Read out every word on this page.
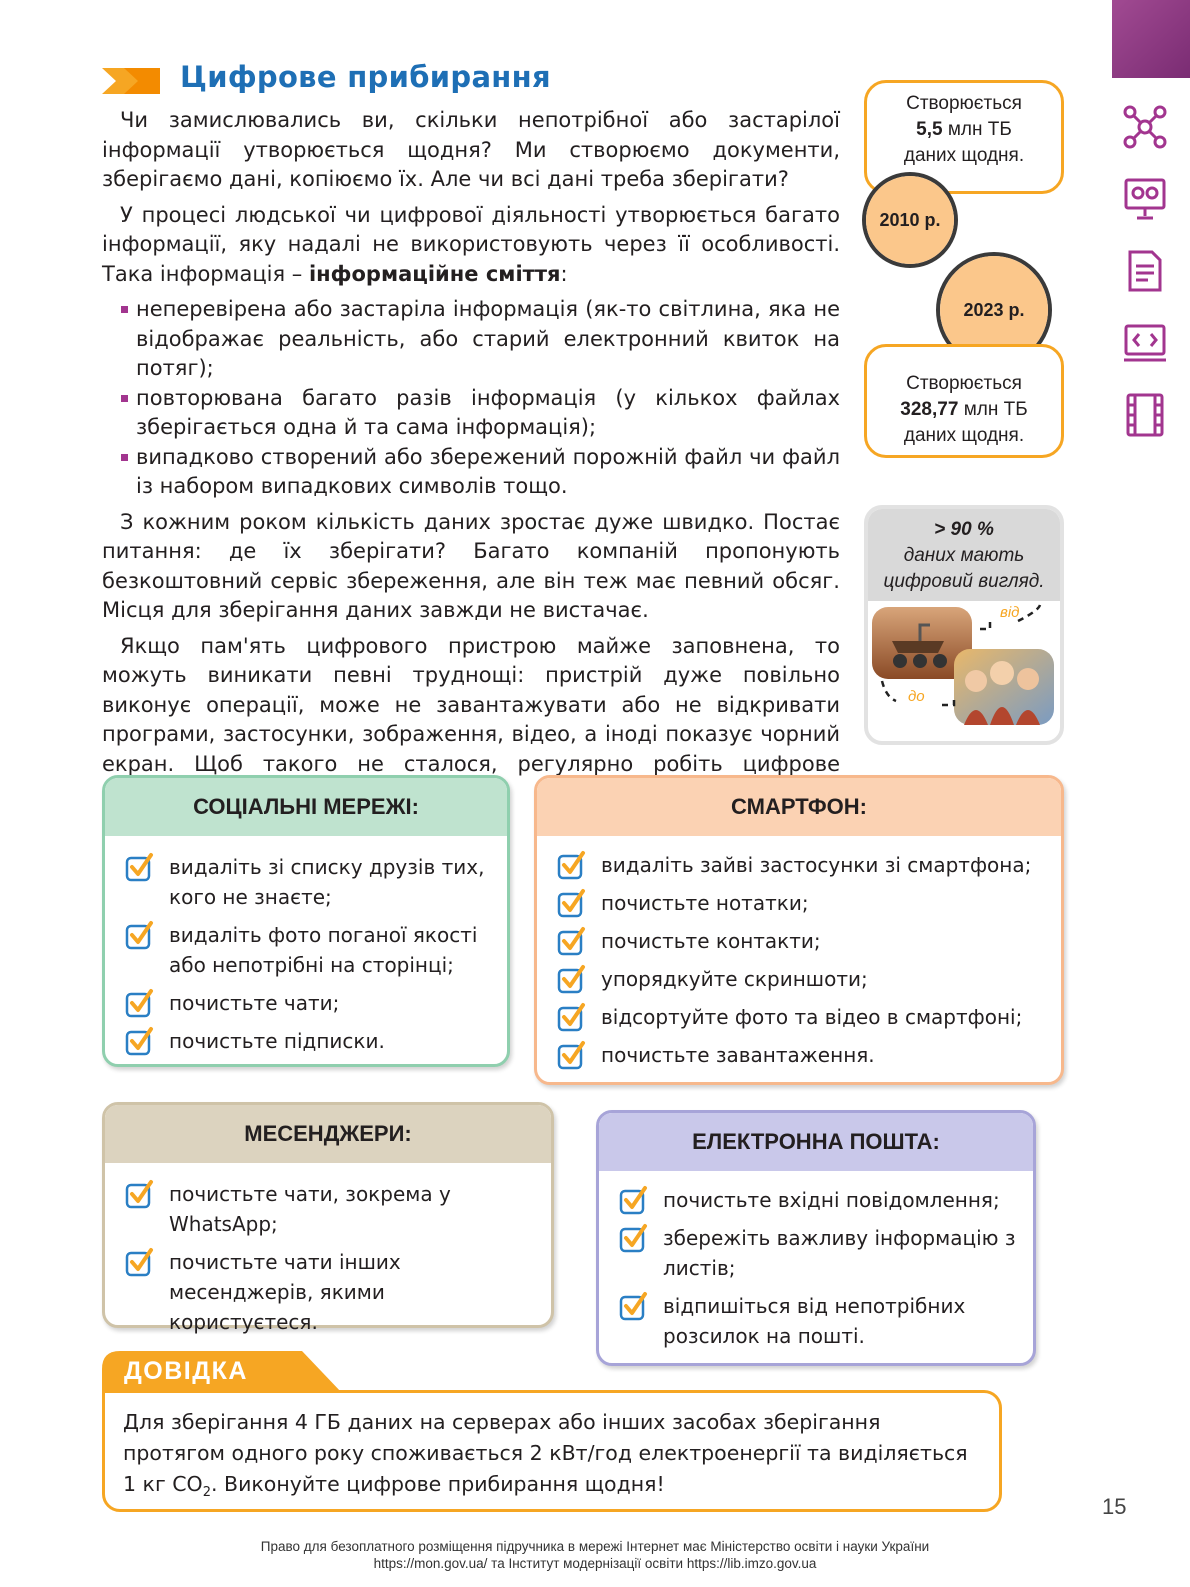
Цифрове прибирання

Чи замислювались ви, скільки непотрібної або застарілої інформації утворюється щодня? Ми створюємо документи, зберігаємо дані, копіюємо їх. Але чи всі дані треба зберігати?

У процесі людської чи цифрової діяльності утворюється багато інформації, яку надалі не використовують через її особливості. Така інформація – інформаційне сміття:

неперевірена або застаріла інформація (як-то світлина, яка не відображає реальність, або старий електронний квиток на потяг);
повторювана багато разів інформація (у кількох файлах зберігається одна й та сама інформація);
випадково створений або збережений порожній файл чи файл із набором випадкових символів тощо.

З кожним роком кількість даних зростає дуже швидко. Постає питання: де їх зберігати? Багато компаній пропонують безкоштовний сервіс збереження, але він теж має певний обсяг. Місця для зберігання даних завжди не вистачає.

Якщо пам'ять цифрового пристрою майже заповнена, то можуть виникати певні труднощі: пристрій дуже повільно виконує операції, може не завантажувати або не відкривати програми, застосунки, зображення, відео, а іноді показує чорний екран. Щоб такого не сталося, регулярно робіть цифрове

Створюється
5,5 млн ТБ
даних щодня.
2010 р.
2023 р.
Створюється
328,77 млн ТБ
даних щодня.
> 90 %
даних мають
цифровий вигляд.
від
до
СОЦІАЛЬНІ МЕРЕЖІ:
видаліть зі списку друзів тих, кого не знаєте;
видаліть фото поганої якості або непотрібні на сторінці;
почистьте чати;
почистьте підписки.
СМАРТФОН:
видаліть зайві застосунки зі смартфона;
почистьте нотатки;
почистьте контакти;
упорядкуйте скриншоти;
відсортуйте фото та відео в смартфоні;
почистьте завантаження.
МЕСЕНДЖЕРИ:
почистьте чати, зокрема у WhatsApp;
почистьте чати інших месенджерів, якими користуєтеся.
ЕЛЕКТРОННА ПОШТА:
почистьте вхідні повідомлення;
збережіть важливу інформацію з листів;
відпишіться від непотрібних розсилок на пошті.
ДОВІДКА
Для зберігання 4 ГБ даних на серверах або інших засобах зберігання протягом одного року споживається 2 кВт/год електроенергії та виділяється 1 кг $CO_2$. Виконуйте цифрове прибирання щодня!
15
Право для безоплатного розміщення підручника в мережі Інтернет має Міністерство освіти і науки України
https://mon.gov.ua/ та Інститут модернізації освіти https://lib.imzo.gov.ua
